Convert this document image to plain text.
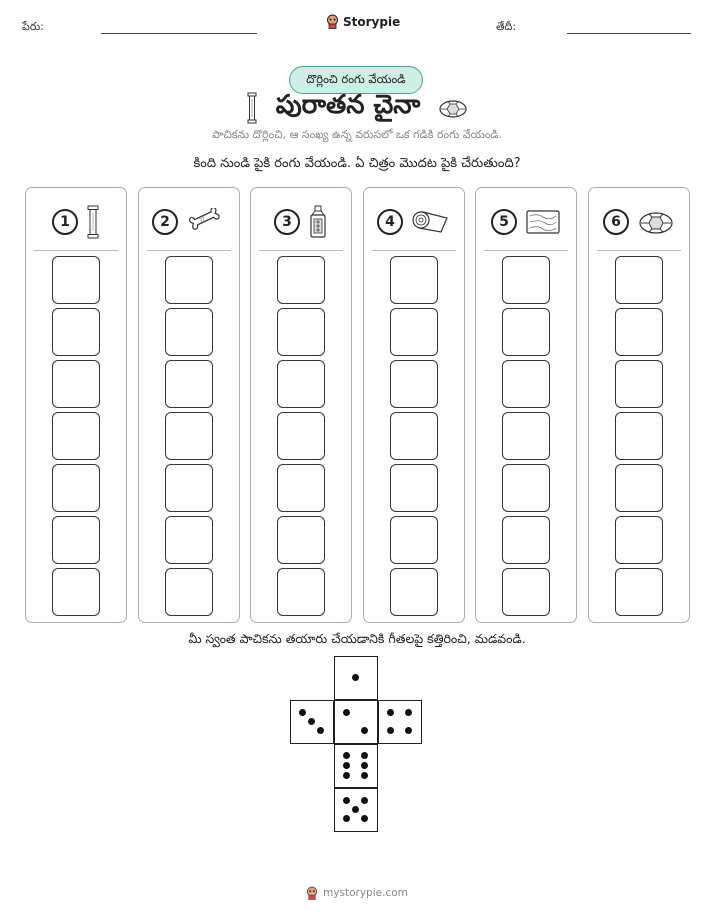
పేరు:	Storypie	తేదీ:
దొర్లించి రంగు వేయండి
పురాతన చైనా
పాచికను దొర్లించి, ఆ సంఖ్య ఉన్న వరుసలో ఒక గడికి రంగు వేయండి.
కింది నుండి పైకి రంగు వేయండి. ఏ చిత్రం మొదట పైకి చేరుతుంది?
1	2	??	3	4	5	6
మీ స్వంత పాచికను తయారు చేయడానికి గీతలపై కత్తిరించి, మడవండి.
mystorypie.com
